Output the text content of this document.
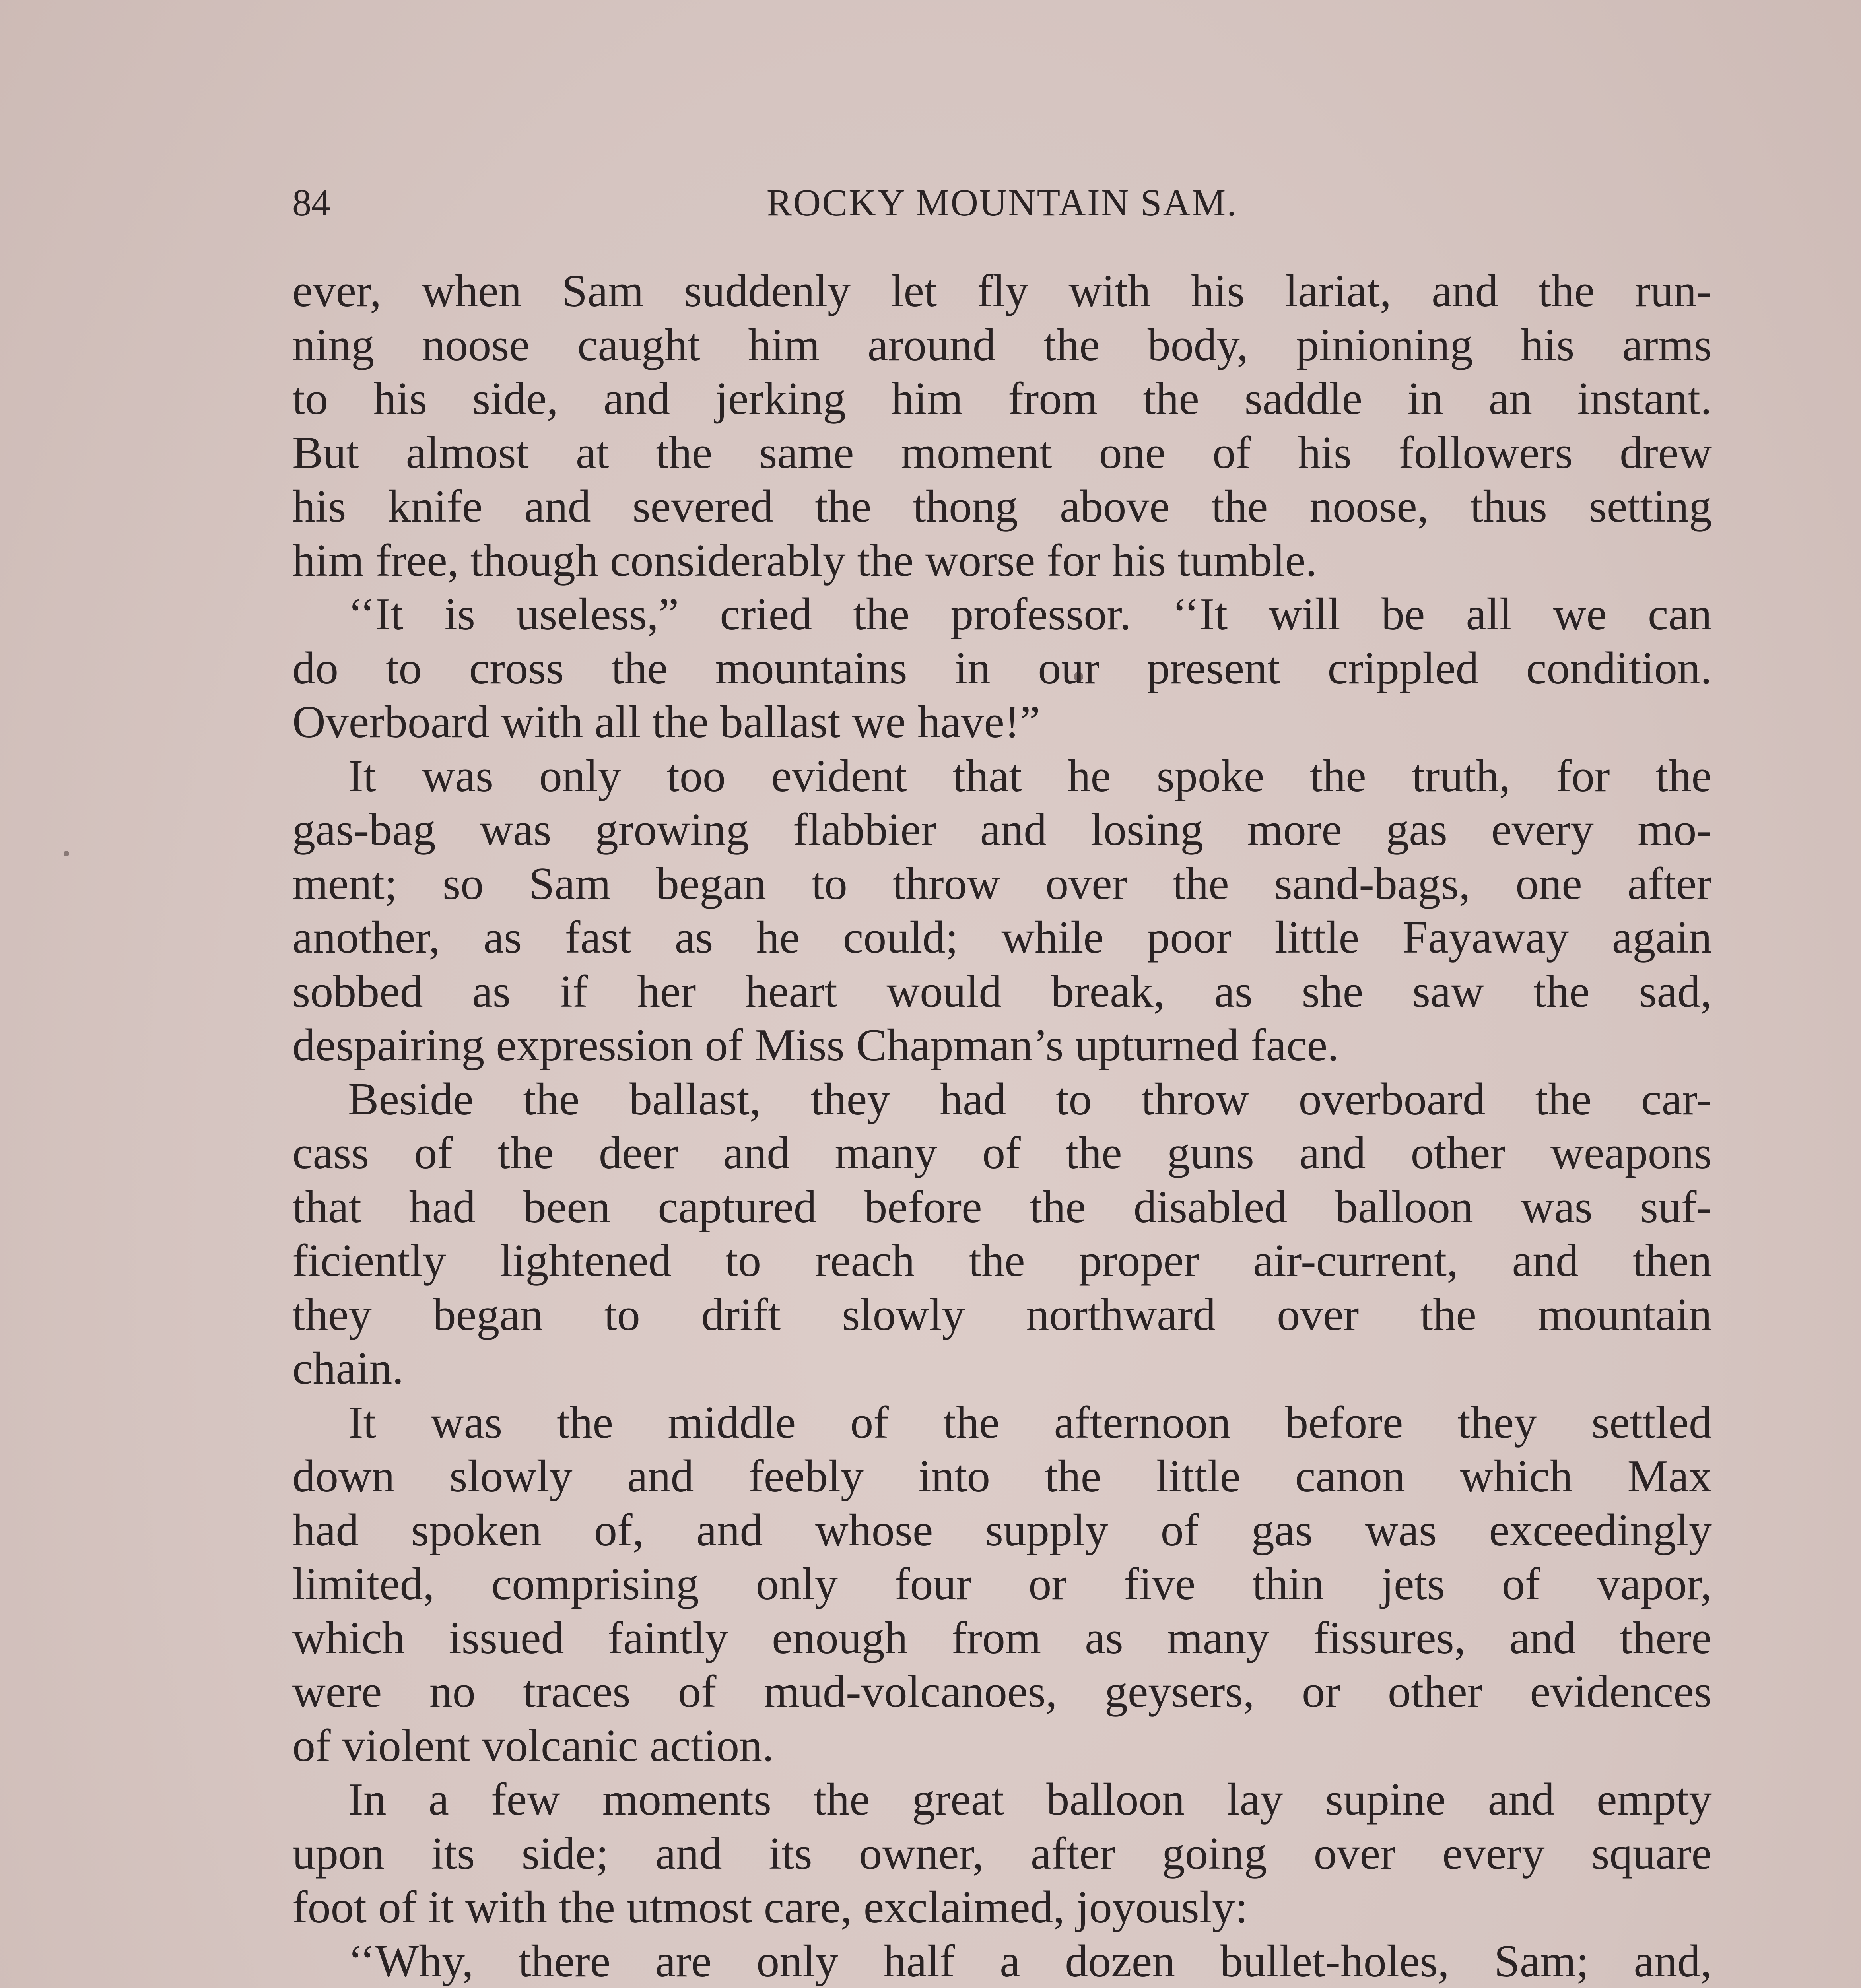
84	ROCKY MOUNTAIN SAM.
ever, when Sam suddenly let fly with his lariat, and the run-
ning noose caught him around the body, pinioning his arms
to his side, and jerking him from the saddle in an instant.
But almost at the same moment one of his followers drew
his knife and severed the thong above the noose, thus setting
him free, though considerably the worse for his tumble.
‘‘It is useless,” cried the professor. ‘‘It will be all we can
do to cross the mountains in our present crippled condition.
Overboard with all the ballast we have!”
It was only too evident that he spoke the truth, for the
gas-bag was growing flabbier and losing more gas every mo-
ment; so Sam began to throw over the sand-bags, one after
another, as fast as he could; while poor little Fayaway again
sobbed as if her heart would break, as she saw the sad,
despairing expression of Miss Chapman’s upturned face.
Beside the ballast, they had to throw overboard the car-
cass of the deer and many of the guns and other weapons
that had been captured before the disabled balloon was suf-
ficiently lightened to reach the proper air-current, and then
they began to drift slowly northward over the mountain
chain.
It was the middle of the afternoon before they settled
down slowly and feebly into the little canon which Max
had spoken of, and whose supply of gas was exceedingly
limited, comprising only four or five thin jets of vapor,
which issued faintly enough from as many fissures, and there
were no traces of mud-volcanoes, geysers, or other evidences
of violent volcanic action.
In a few moments the great balloon lay supine and empty
upon its side; and its owner, after going over every square
foot of it with the utmost care, exclaimed, joyously:
‘‘Why, there are only half a dozen bullet-holes, Sam; and,
